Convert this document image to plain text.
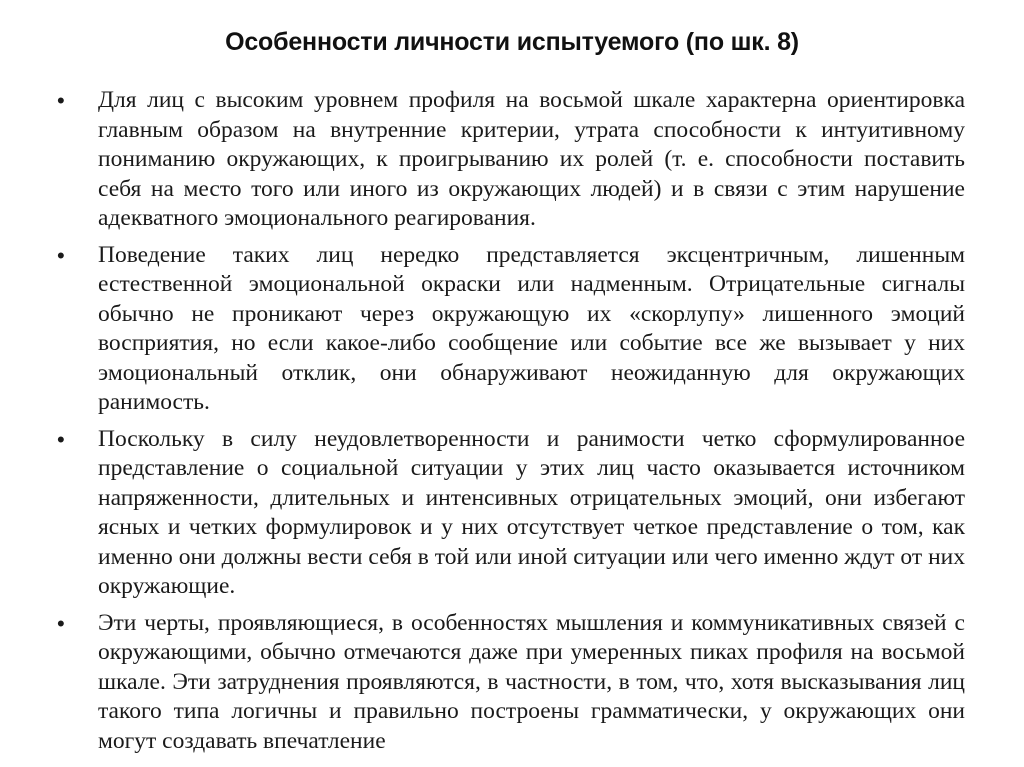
Особенности личности испытуемого (по шк. 8)
• Для лиц с высоким уровнем профиля на восьмой шкале характерна ориентировка главным образом на внутренние критерии, утрата способности к интуитивному пониманию окружающих, к проигрыванию их ролей (т. е. способности поставить себя на место того или иного из окружающих людей) и в связи с этим нарушение адекватного эмоционального реагирования.
• Поведение таких лиц нередко представляется эксцентричным, лишенным естественной эмоциональной окраски или надменным. Отрицательные сигналы обычно не проникают через окружающую их «скорлупу» лишенного эмоций восприятия, но если какое-либо сообщение или событие все же вызывает у них эмоциональный отклик, они обнаруживают неожиданную для окружающих ранимость.
• Поскольку в силу неудовлетворенности и ранимости четко сформулированное представление о социальной ситуации у этих лиц часто оказывается источником напряженности, длительных и интенсивных отрицательных эмоций, они избегают ясных и четких формулировок и у них отсутствует четкое представление о том, как именно они должны вести себя в той или иной ситуации или чего именно ждут от них окружающие.
• Эти черты, проявляющиеся, в особенностях мышления и коммуникативных связей с окружающими, обычно отмечаются даже при умеренных пиках профиля на восьмой шкале. Эти затруднения проявляются, в частности, в том, что, хотя высказывания лиц такого типа логичны и правильно построены грамматически, у окружающих они могут создавать впечатление
